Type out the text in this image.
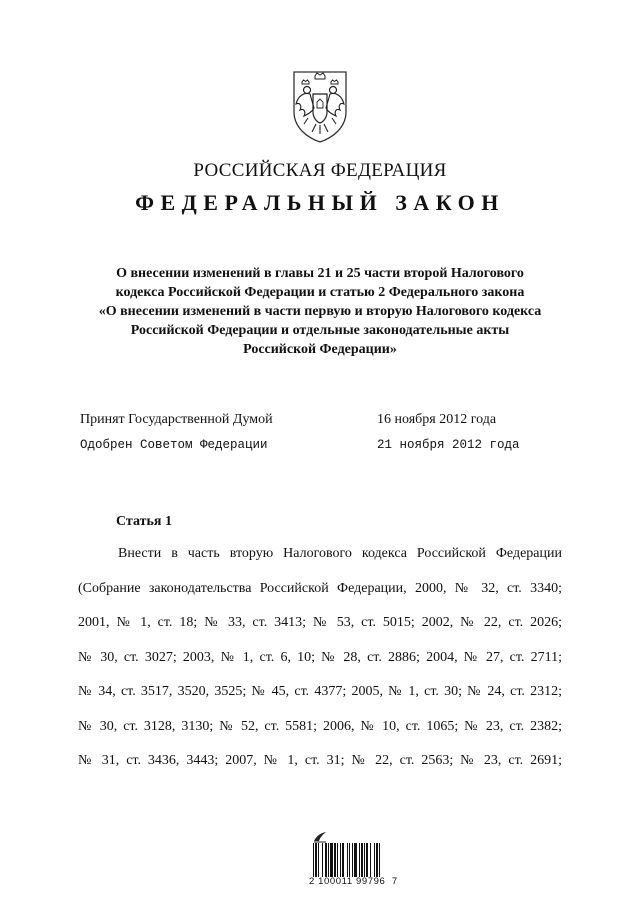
РОССИЙСКАЯ ФЕДЕРАЦИЯ
ФЕДЕРАЛЬНЫЙ ЗАКОН
О внесении изменений в главы 21 и 25 части второй Налогового
кодекса Российской Федерации и статью 2 Федерального закона
«О внесении изменений в части первую и вторую Налогового кодекса
Российской Федерации и отдельные законодательные акты
Российской Федерации»
Принят Государственной Думой	16 ноября 2012 года
Одобрен Советом Федерации	21 ноября 2012 года
Статья 1
Внести в часть вторую Налогового кодекса Российской Федерации
(Собрание законодательства Российской Федерации, 2000, № 32, ст. 3340;
2001, № 1, ст. 18; № 33, ст. 3413; № 53, ст. 5015; 2002, № 22, ст. 2026;
№ 30, ст. 3027; 2003, № 1, ст. 6, 10; № 28, ст. 2886; 2004, № 27, ст. 2711;
№ 34, ст. 3517, 3520, 3525; № 45, ст. 4377; 2005, № 1, ст. 30; № 24, ст. 2312;
№ 30, ст. 3128, 3130; № 52, ст. 5581; 2006, № 10, ст. 1065; № 23, ст. 2382;
№ 31, ст. 3436, 3443; 2007, № 1, ст. 31; № 22, ст. 2563; № 23, ст. 2691;
2 100011 99796  7
